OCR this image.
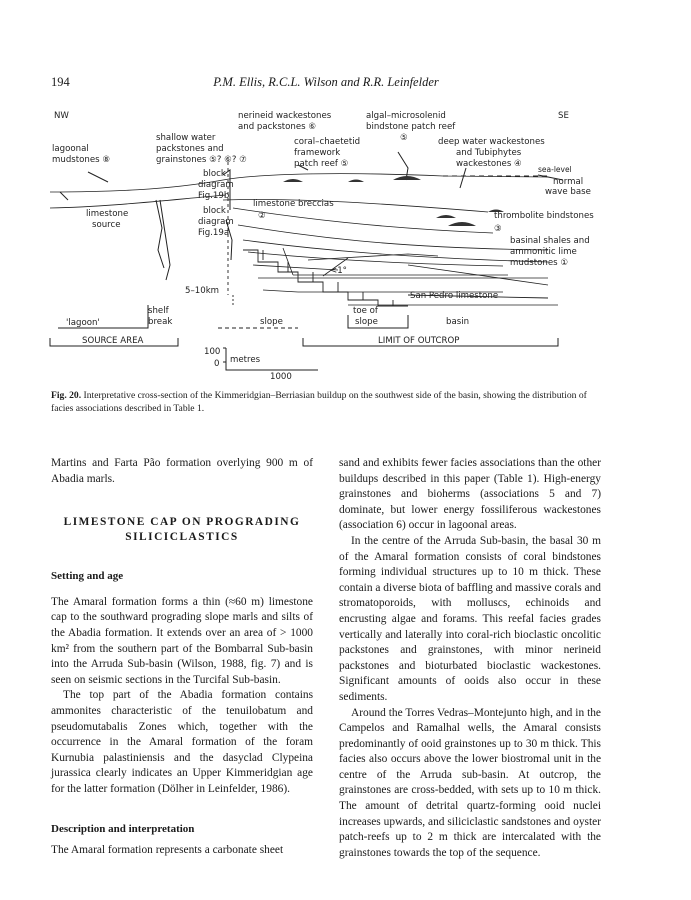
194	P.M. Ellis, R.C.L. Wilson and R.R. Leinfelder
NW	SE
nerineid wackestones
and packstones ⑥
algal–microsolenid
bindstone patch reef
⑤
shallow water
packstones and
grainstones ⑤? ⑥? ⑦
lagoonal
mudstones ⑧
coral–chaetetid
framework
patch reef ⑤
deep water wackestones
and Tubiphytes
wackestones ④
sea-level
normal
wave base
block
diagram
Fig.19b
block
diagram
Fig.19a
limestone
source
limestone breccias
②	thrombolite bindstones
③
basinal shales and
ammonitic lime
mudstones ①
<1°
5–10km	San Pedro limestone
'lagoon'
shelf
break	slope
toe of
slope	basin
SOURCE AREA	LIMIT OF OUTCROP
100
0 metres
1000
Fig. 20. Interpretative cross-section of the Kimmeridgian–Berriasian buildup on the southwest side of the basin, showing the distribution of facies associations described in Table 1.

Martins and Farta Pão formation overlying 900 m of Abadia marls.

LIMESTONE CAP ON PROGRADING SILICICLASTICS
Setting and age

The Amaral formation forms a thin (≈60 m) limestone cap to the southward prograding slope marls and silts of the Abadia formation. It extends over an area of > 1000 km² from the southern part of the Bombarral Sub-basin into the Arruda Sub-basin (Wilson, 1988, fig. 7) and is seen on seismic sections in the Turcifal Sub-basin.

The top part of the Abadia formation contains ammonites characteristic of the tenuilobatum and pseudomutabalis Zones which, together with the occurrence in the Amaral formation of the foram Kurnubia palastiniensis and the dasyclad Clypeina jurassica clearly indicates an Upper Kimmeridgian age for the latter formation (Dölher in Leinfelder, 1986).

Description and interpretation

The Amaral formation represents a carbonate sheet

sand and exhibits fewer facies associations than the other buildups described in this paper (Table 1). High-energy grainstones and bioherms (associations 5 and 7) dominate, but lower energy fossiliferous wackestones (association 6) occur in lagoonal areas.

In the centre of the Arruda Sub-basin, the basal 30 m of the Amaral formation consists of coral bindstones forming individual structures up to 10 m thick. These contain a diverse biota of baffling and massive corals and stromatoporoids, with molluscs, echinoids and encrusting algae and forams. This reefal facies grades vertically and laterally into coral-rich bioclastic oncolitic packstones and grainstones, with minor nerineid packstones and bioturbated bioclastic wackestones. Significant amounts of ooids also occur in these sediments.

Around the Torres Vedras–Montejunto high, and in the Campelos and Ramalhal wells, the Amaral consists predominantly of ooid grainstones up to 30 m thick. This facies also occurs above the lower biostromal unit in the centre of the Arruda sub-basin. At outcrop, the grainstones are cross-bedded, with sets up to 10 m thick. The amount of detrital quartz-forming ooid nuclei increases upwards, and siliciclastic sandstones and oyster patch-reefs up to 2 m thick are intercalated with the grainstones towards the top of the sequence.
